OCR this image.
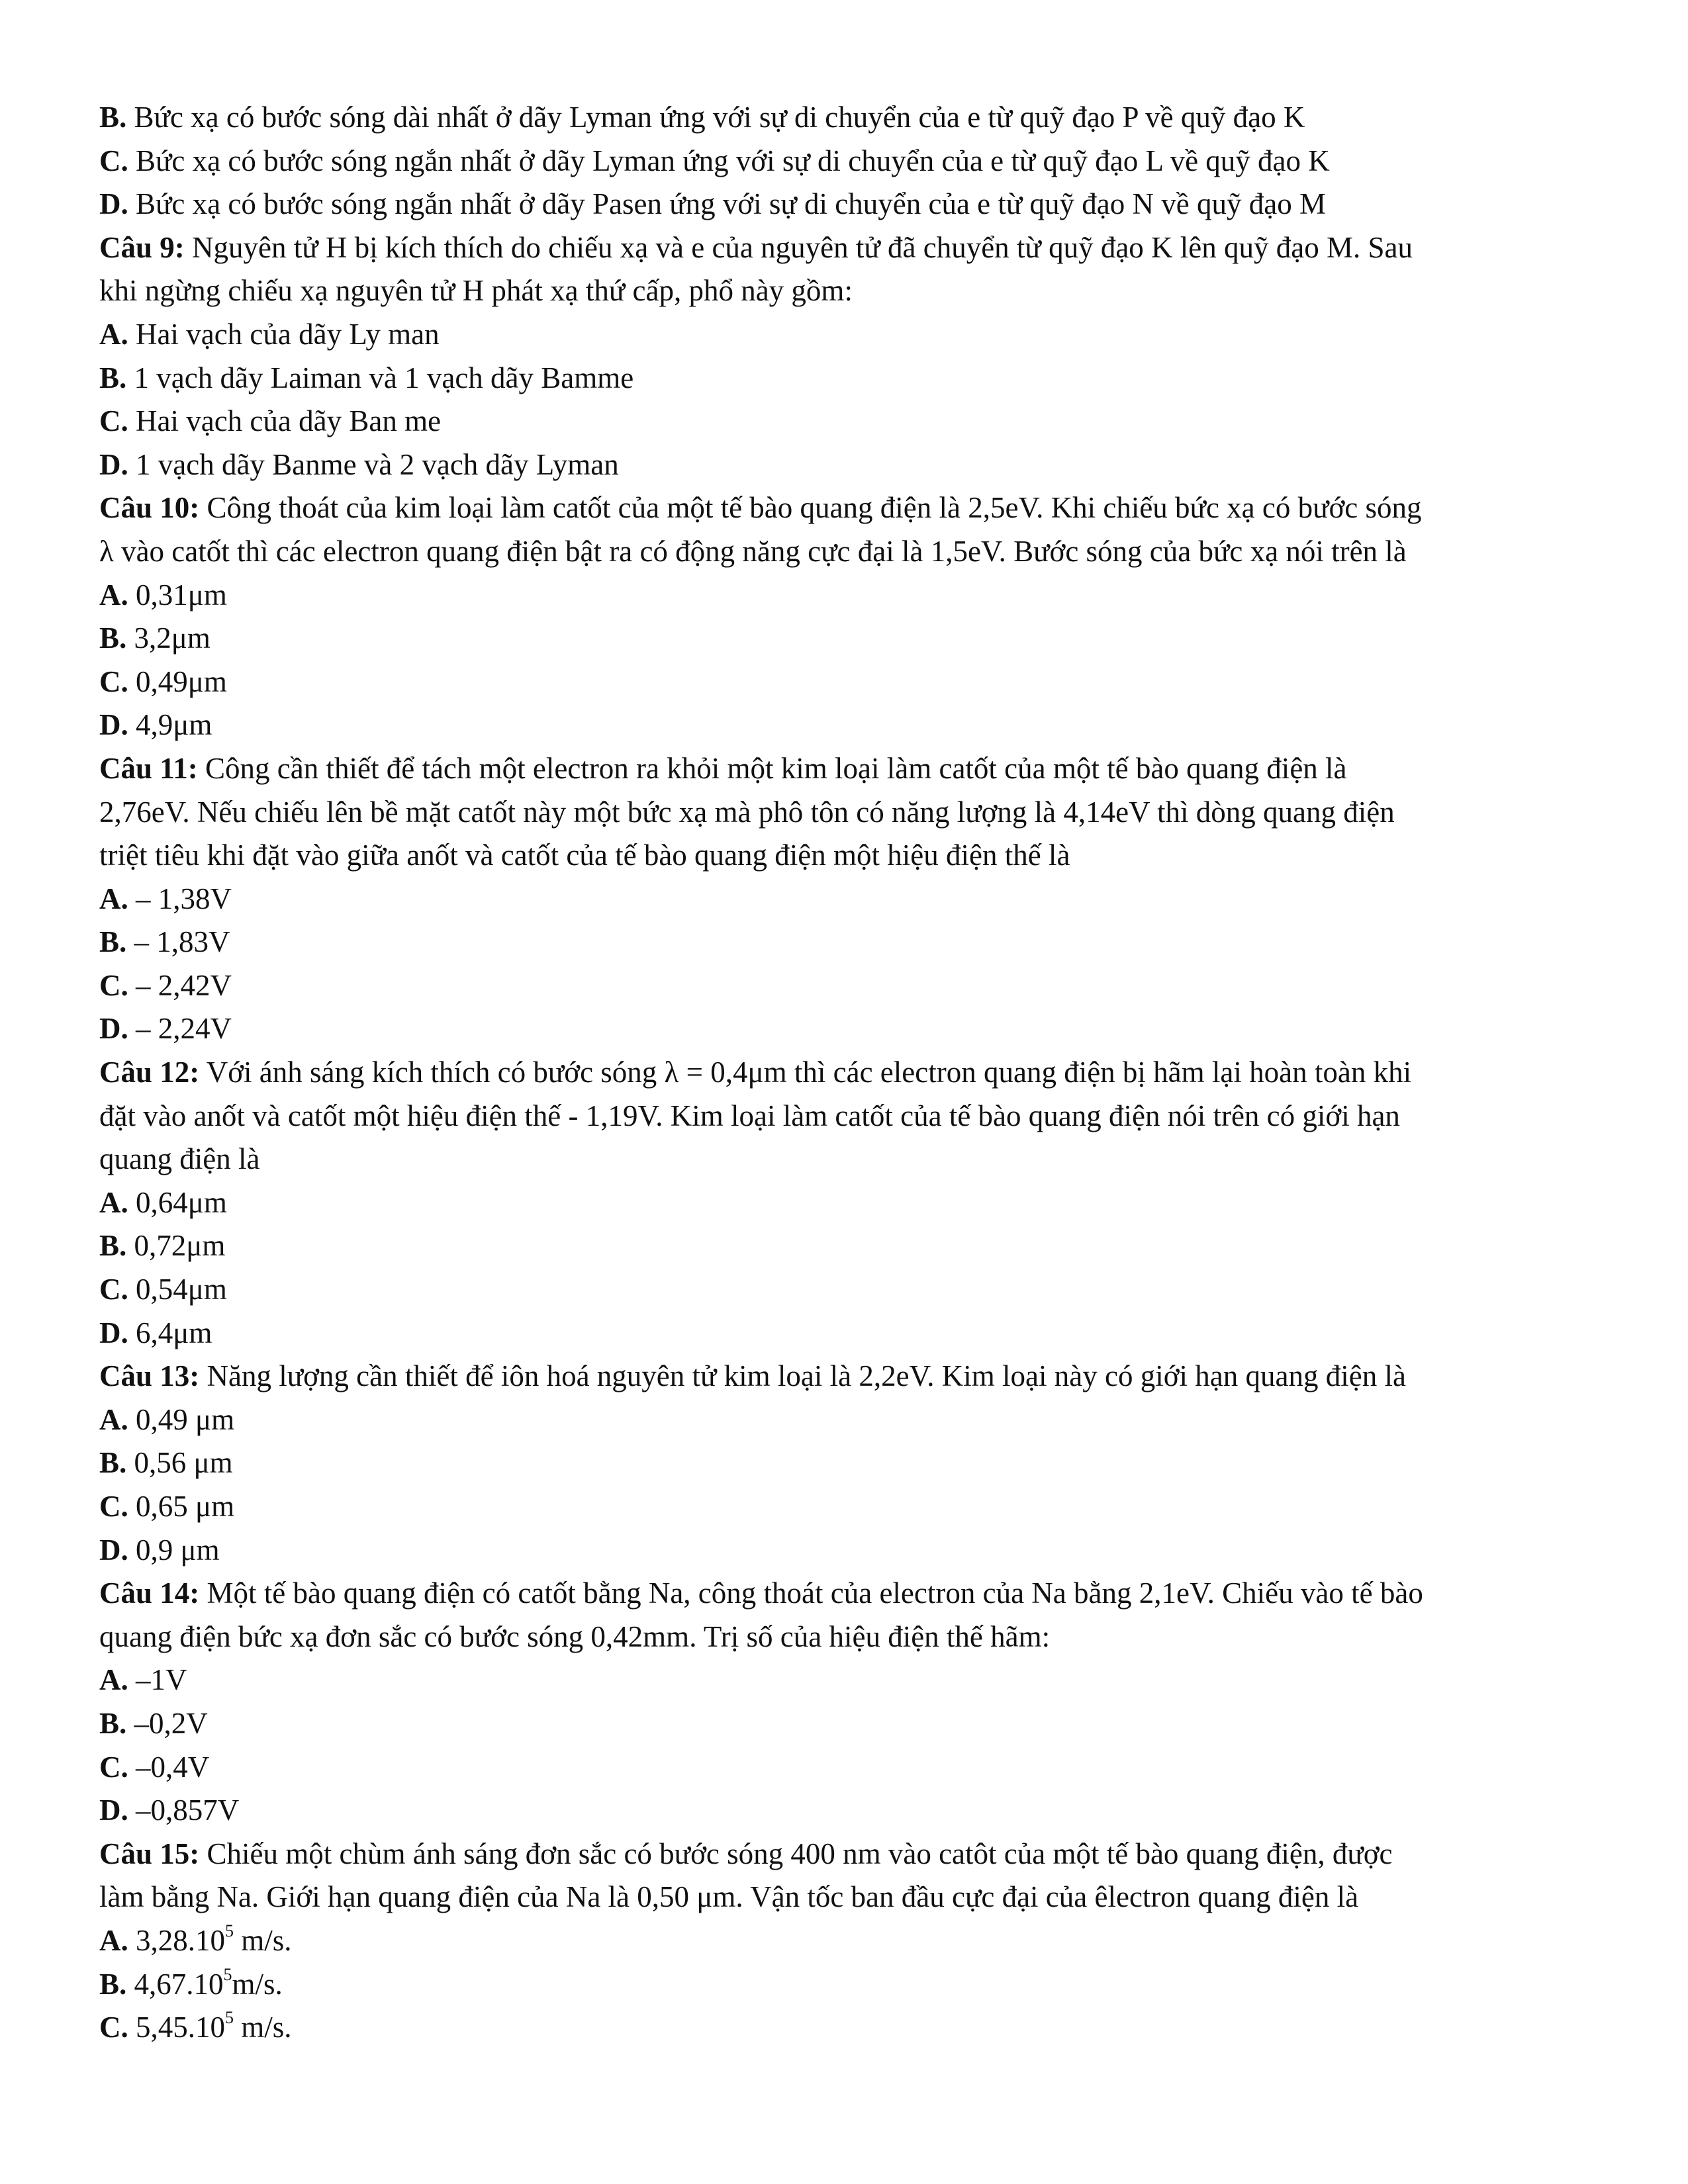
B. Bức xạ có bước sóng dài nhất ở dãy Lyman ứng với sự di chuyển của e từ quỹ đạo P về quỹ đạo K
C. Bức xạ có bước sóng ngắn nhất ở dãy Lyman ứng với sự di chuyển của e từ quỹ đạo L về quỹ đạo K
D. Bức xạ có bước sóng ngắn nhất ở dãy Pasen ứng với sự di chuyển của e từ quỹ đạo N về quỹ đạo M
Câu 9: Nguyên tử H bị kích thích do chiếu xạ và e của nguyên tử đã chuyển từ quỹ đạo K lên quỹ đạo M. Sau
khi ngừng chiếu xạ nguyên tử H phát xạ thứ cấp, phổ này gồm:
A. Hai vạch của dãy Ly man
B. 1 vạch dãy Laiman và 1 vạch dãy Bamme
C. Hai vạch của dãy Ban me
D. 1 vạch dãy Banme và 2 vạch dãy Lyman
Câu 10: Công thoát của kim loại làm catốt của một tế bào quang điện là 2,5eV. Khi chiếu bức xạ có bước sóng
λ vào catốt thì các electron quang điện bật ra có động năng cực đại là 1,5eV. Bước sóng của bức xạ nói trên là
A. 0,31μm
B. 3,2μm
C. 0,49μm
D. 4,9μm
Câu 11: Công cần thiết để tách một electron ra khỏi một kim loại làm catốt của một tế bào quang điện là
2,76eV. Nếu chiếu lên bề mặt catốt này một bức xạ mà phô tôn có năng lượng là 4,14eV thì dòng quang điện
triệt tiêu khi đặt vào giữa anốt và catốt của tế bào quang điện một hiệu điện thế là
A. – 1,38V
B. – 1,83V
C. – 2,42V
D. – 2,24V
Câu 12: Với ánh sáng kích thích có bước sóng λ = 0,4μm thì các electron quang điện bị hãm lại hoàn toàn khi
đặt vào anốt và catốt một hiệu điện thế - 1,19V. Kim loại làm catốt của tế bào quang điện nói trên có giới hạn
quang điện là
A. 0,64μm
B. 0,72μm
C. 0,54μm
D. 6,4μm
Câu 13: Năng lượng cần thiết để iôn hoá nguyên tử kim loại là 2,2eV. Kim loại này có giới hạn quang điện là
A. 0,49 μm
B. 0,56 μm
C. 0,65 μm
D. 0,9 μm
Câu 14: Một tế bào quang điện có catốt bằng Na, công thoát của electron của Na bằng 2,1eV. Chiếu vào tế bào
quang điện bức xạ đơn sắc có bước sóng 0,42mm. Trị số của hiệu điện thế hãm:
A. –1V
B. –0,2V
C. –0,4V
D. –0,857V
Câu 15: Chiếu một chùm ánh sáng đơn sắc có bước sóng 400 nm vào catôt của một tế bào quang điện, được
làm bằng Na. Giới hạn quang điện của Na là 0,50 μm. Vận tốc ban đầu cực đại của êlectron quang điện là
A. 3,28.10$^5$ m/s.
B. 4,67.10$^5$m/s.
C. 5,45.10$^5$ m/s.
